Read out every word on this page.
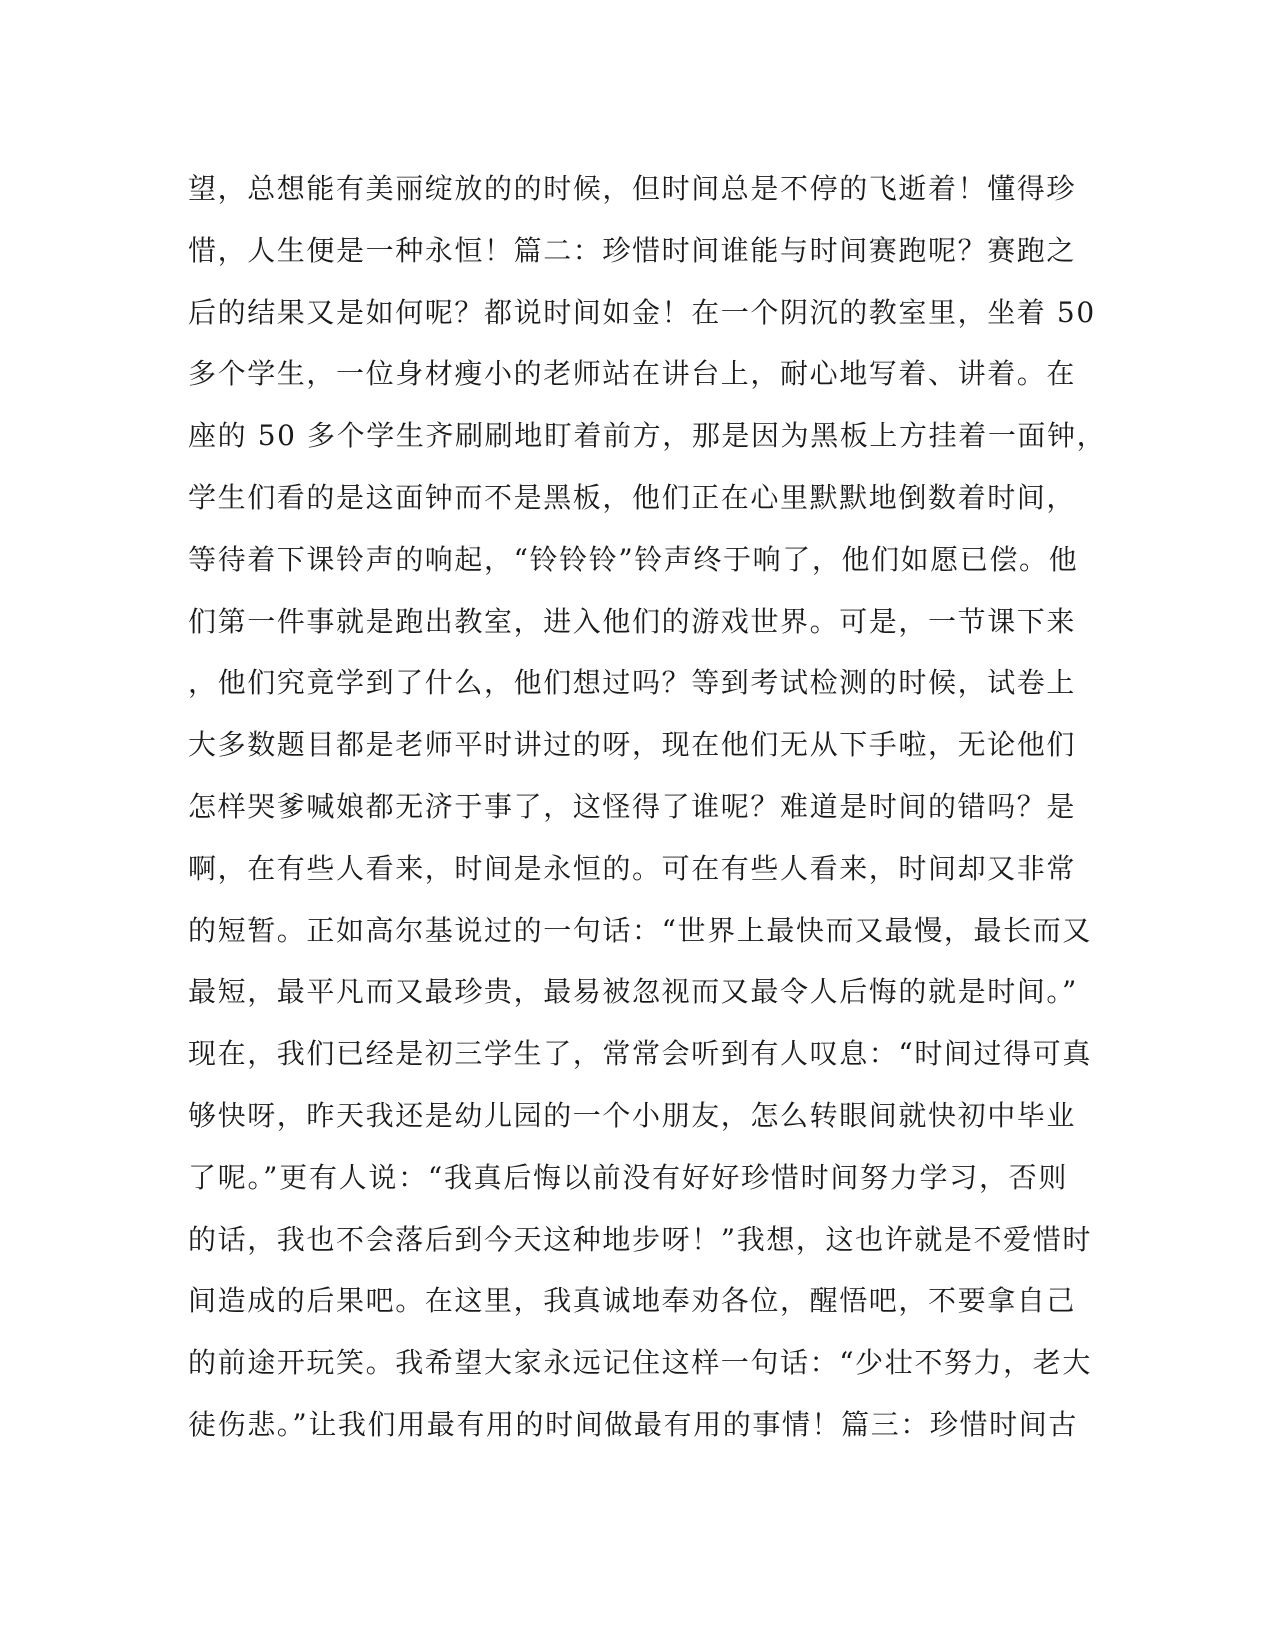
望，总想能有美丽绽放的的时候，但时间总是不停的飞逝着！懂得珍
惜，人生便是一种永恒！篇二：珍惜时间谁能与时间赛跑呢？赛跑之
后的结果又是如何呢？都说时间如金！在一个阴沉的教室里，坐着 50
多个学生，一位身材瘦小的老师站在讲台上，耐心地写着、讲着。在
座的 50 多个学生齐刷刷地盯着前方，那是因为黑板上方挂着一面钟，
学生们看的是这面钟而不是黑板，他们正在心里默默地倒数着时间，
等待着下课铃声的响起，“铃铃铃”铃声终于响了，他们如愿已偿。他
们第一件事就是跑出教室，进入他们的游戏世界。可是，一节课下来
，他们究竟学到了什么，他们想过吗？等到考试检测的时候，试卷上
大多数题目都是老师平时讲过的呀，现在他们无从下手啦，无论他们
怎样哭爹喊娘都无济于事了，这怪得了谁呢？难道是时间的错吗？是
啊，在有些人看来，时间是永恒的。可在有些人看来，时间却又非常
的短暂。正如高尔基说过的一句话：“世界上最快而又最慢，最长而又
最短，最平凡而又最珍贵，最易被忽视而又最令人后悔的就是时间。”
现在，我们已经是初三学生了，常常会听到有人叹息：“时间过得可真
够快呀，昨天我还是幼儿园的一个小朋友，怎么转眼间就快初中毕业
了呢。”更有人说：“我真后悔以前没有好好珍惜时间努力学习，否则
的话，我也不会落后到今天这种地步呀！”我想，这也许就是不爱惜时
间造成的后果吧。在这里，我真诚地奉劝各位，醒悟吧，不要拿自己
的前途开玩笑。我希望大家永远记住这样一句话：“少壮不努力，老大
徒伤悲。”让我们用最有用的时间做最有用的事情！篇三：珍惜时间古
